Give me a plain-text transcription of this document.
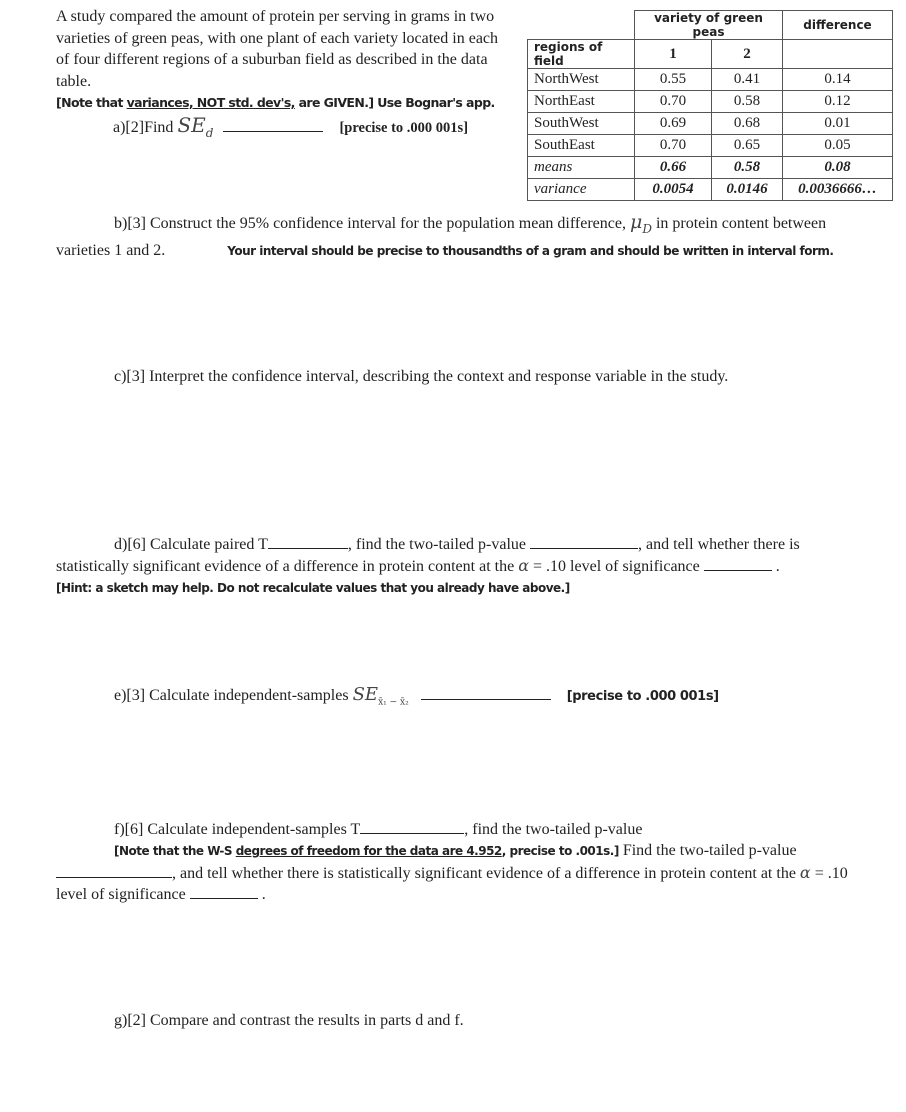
A study compared the amount of protein per serving in grams in two varieties of green peas, with one plant of each variety located in each of four different regions of a suburban field as described in the data table. [Note that variances, NOT std. dev's, are GIVEN.] Use Bognar's app.

a)[2]Find $SE_d$	[precise to .000 001s]
	variety of green peas		difference
regions of field	1	2	
NorthWest	0.55	0.41	0.14
NorthEast	0.70	0.58	0.12
SouthWest	0.69	0.68	0.01
SouthEast	0.70	0.65	0.05
means	0.66	0.58	0.08
variance	0.0054	0.0146	0.0036666…

b)[3] Construct the 95% confidence interval for the population mean difference, $\mu_D$ in protein content between varieties 1 and 2.	Your interval should be precise to thousandths of a gram and should be written in interval form.

c)[3] Interpret the confidence interval, describing the context and response variable in the study.

d)[6] Calculate paired T	, find the two-tailed p-value	, and tell whether there is statistically significant evidence of a difference in protein content at the α = .10 level of significance	.

[Hint: a sketch may help. Do not recalculate values that you already have above.]

e)[3] Calculate independent-samples $SE_{x̄_1 - x̄_2}$	[precise to .000 001s]

f)[6] Calculate independent-samples T	, find the two-tailed p-value [Note that the W-S degrees of freedom for the data are 4.952, precise to .001s.] Find the two-tailed p-value , and tell whether there is statistically significant evidence of a difference in protein content at the α = .10 level of significance	.

g)[2] Compare and contrast the results in parts d and f.
